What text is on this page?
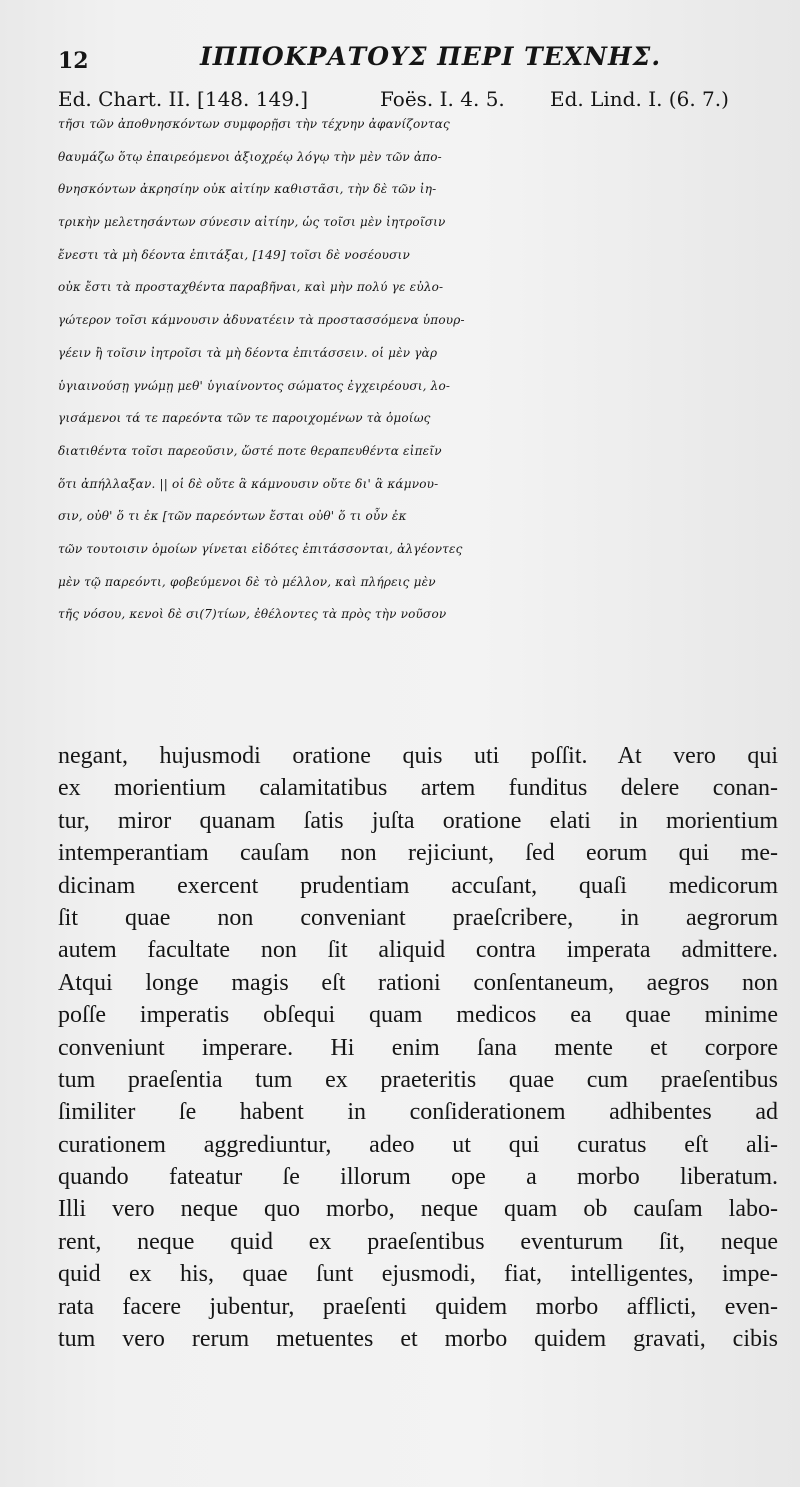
12	ΙΠΠΟΚΡΑΤΟΥΣ ΠΕΡΙ ΤΕΧΝΗΣ.
Ed. Chart. II. [148. 149.]	Foës. I. 4. 5. Ed. Lind. I. (6. 7.)
τῆσι τῶν ἀποθνησκόντων συμφορῇσι τὴν τέχνην ἀφανίζοντας
θαυμάζω ὅτῳ ἐπαιρεόμενοι ἀξιοχρέῳ λόγῳ τὴν μὲν τῶν ἀπο-
θνησκόντων ἀκρησίην οὐκ αἰτίην καθιστᾶσι, τὴν δὲ τῶν ἰη-
τρικὴν μελετησάντων σύνεσιν αἰτίην, ὡς τοῖσι μὲν ἰητροῖσιν
ἔνεστι τὰ μὴ δέοντα ἐπιτάξαι, [149] τοῖσι δὲ νοσέουσιν
οὐκ ἔστι τὰ προσταχθέντα παραβῆναι, καὶ μὴν πολύ γε εὐλο-
γώτερον τοῖσι κάμνουσιν ἀδυνατέειν τὰ προστασσόμενα ὑπουρ-
γέειν ἢ τοῖσιν ἰητροῖσι τὰ μὴ δέοντα ἐπιτάσσειν. οἱ μὲν γὰρ
ὑγιαινούσῃ γνώμῃ μεθ' ὑγιαίνοντος σώματος ἐγχειρέουσι, λο-
γισάμενοι τά τε παρεόντα τῶν τε παροιχομένων τὰ ὁμοίως
διατιθέντα τοῖσι παρεοῦσιν, ὥστέ ποτε θεραπευθέντα εἰπεῖν
ὅτι ἀπήλλαξαν. || οἱ δὲ οὔτε ἃ κάμνουσιν οὔτε δι' ἃ κάμνου-
σιν, οὐθ' ὅ τι ἐκ [τῶν παρεόντων ἔσται οὐθ' ὅ τι οὖν ἐκ
τῶν τουτοισιν ὁμοίων γίνεται εἰδότες ἐπιτάσσονται, ἀλγέοντες
μὲν τῷ παρεόντι, φοβεύμενοι δὲ τὸ μέλλον, καὶ πλήρεις μὲν
τῆς νόσου, κενοὶ δὲ σι(7)τίων, ἐθέλοντες τὰ πρὸς τὴν νοῦσον
negant, hujusmodi oratione quis uti poſſit. At vero qui
ex morientium calamitatibus artem funditus delere conan-
tur, miror quanam ſatis juſta oratione elati in morientium
intemperantiam cauſam non rejiciunt, ſed eorum qui me-
dicinam exercent prudentiam accuſant, quaſi medicorum
ſit quae non conveniant praeſcribere, in aegrorum
autem facultate non ſit aliquid contra imperata admittere.
Atqui longe magis eſt rationi conſentaneum, aegros non
poſſe imperatis obſequi quam medicos ea quae minime
conveniunt imperare. Hi enim ſana mente et corpore
tum praeſentia tum ex praeteritis quae cum praeſentibus
ſimiliter ſe habent in conſiderationem adhibentes ad
curationem aggrediuntur, adeo ut qui curatus eſt ali-
quando fateatur ſe illorum ope a morbo liberatum.
Illi vero neque quo morbo, neque quam ob cauſam labo-
rent, neque quid ex praeſentibus eventurum ſit, neque
quid ex his, quae ſunt ejusmodi, fiat, intelligentes, impe-
rata facere jubentur, praeſenti quidem morbo afflicti, even-
tum vero rerum metuentes et morbo quidem gravati, cibis
